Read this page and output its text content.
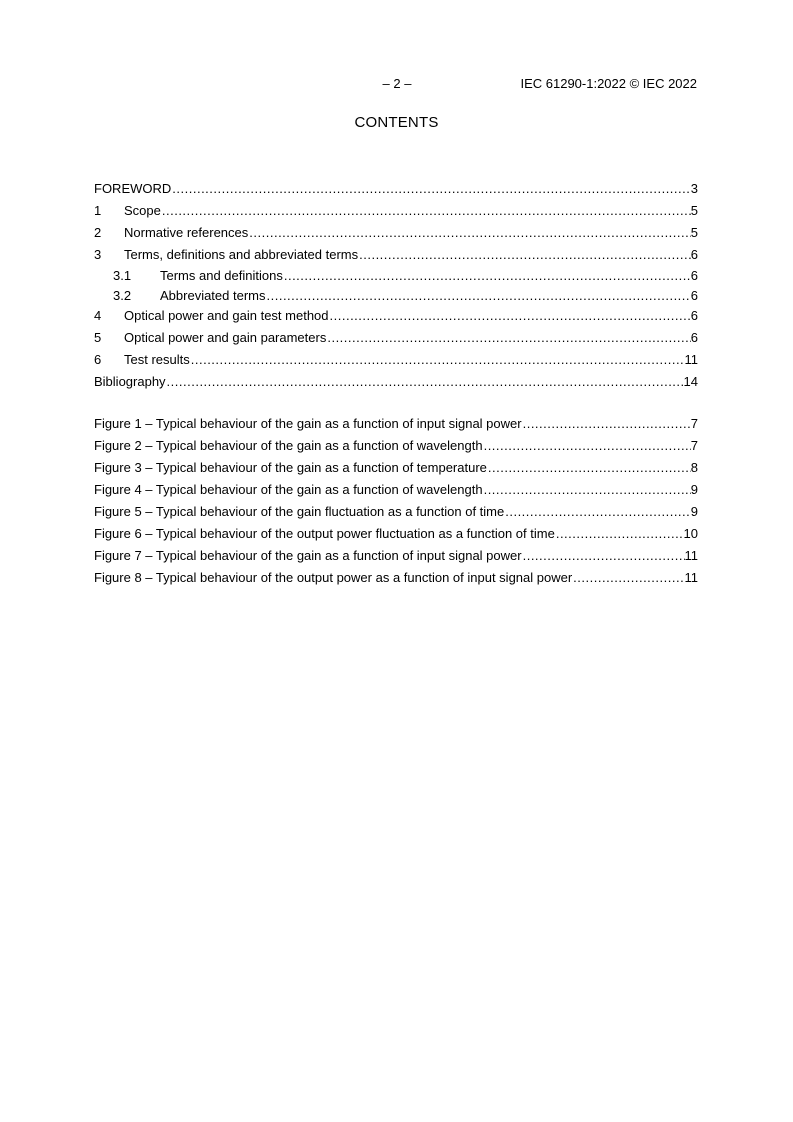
– 2 –	IEC 61290-1:2022 © IEC 2022
CONTENTS
FOREWORD .....	3
1	Scope .....	5
2	Normative references .....	5
3	Terms, definitions and abbreviated terms .....	6
3.1	Terms and definitions .....	6
3.2	Abbreviated terms .....	6
4	Optical power and gain test method .....	6
5	Optical power and gain parameters .....	6
6	Test results .....	11
Bibliography .....	14
Figure 1 – Typical behaviour of the gain as a function of input signal power .....	7
Figure 2 – Typical behaviour of the gain as a function of wavelength .....	7
Figure 3 – Typical behaviour of the gain as a function of temperature .....	8
Figure 4 – Typical behaviour of the gain as a function of wavelength .....	9
Figure 5 – Typical behaviour of the gain fluctuation as a function of time .....	9
Figure 6 – Typical behaviour of the output power fluctuation as a function of time .....	10
Figure 7 – Typical behaviour of the gain as a function of input signal power .....	11
Figure 8 – Typical behaviour of the output power as a function of input signal power .....	11
